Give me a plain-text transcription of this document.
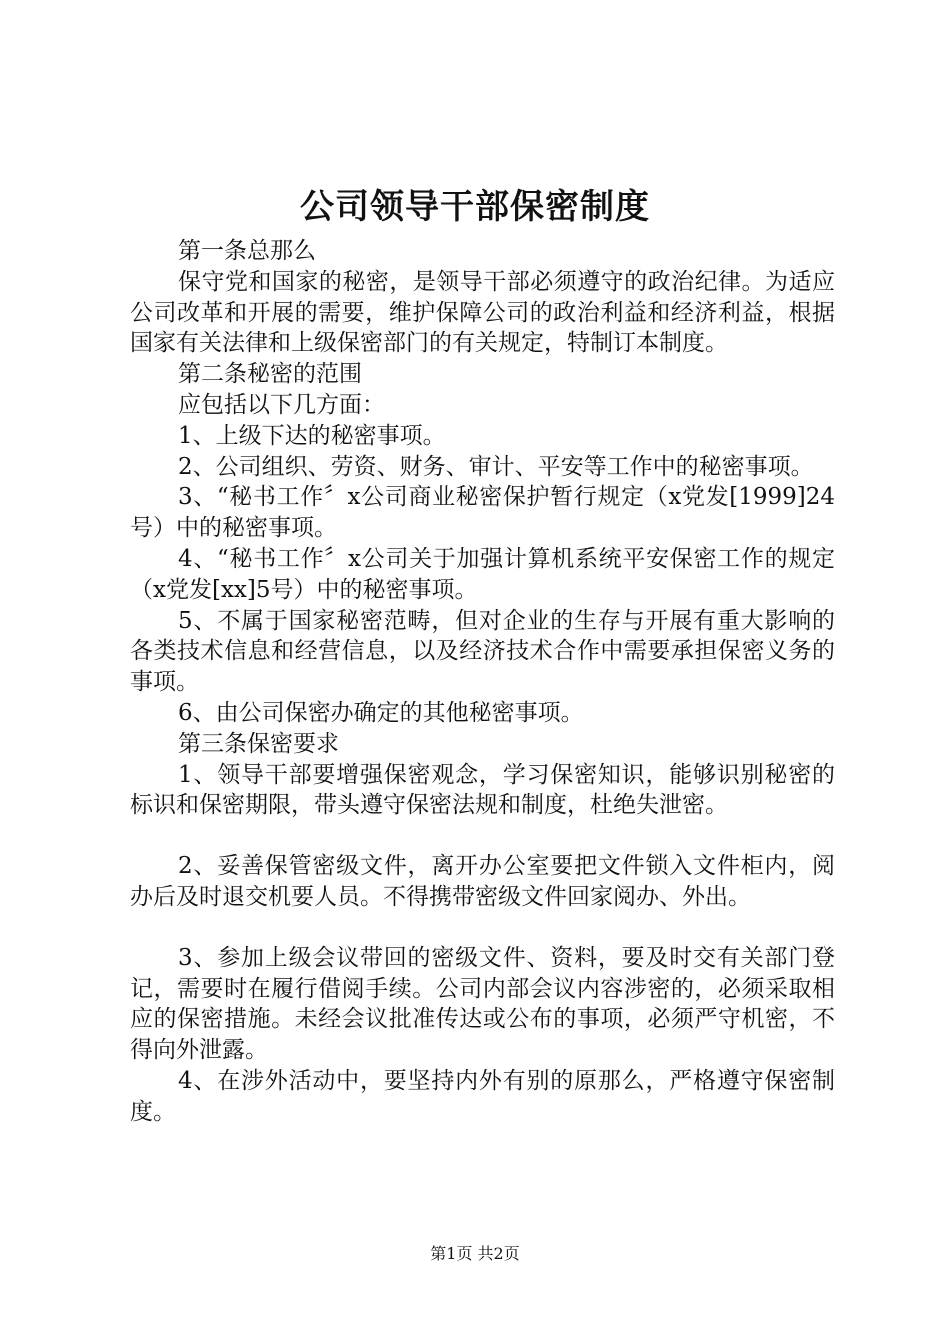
公司领导干部保密制度

第一条总那么

保守党和国家的秘密，是领导干部必须遵守的政治纪律。为适应公司改革和开展的需要，维护保障公司的政治利益和经济利益，根据国家有关法律和上级保密部门的有关规定，特制订本制度。

第二条秘密的范围

应包括以下几方面：

1、上级下达的秘密事项。

2、公司组织、劳资、财务、审计、平安等工作中的秘密事项。

3、“秘书工作〞x公司商业秘密保护暂行规定（x党发[1999]24号）中的秘密事项。

4、“秘书工作〞x公司关于加强计算机系统平安保密工作的规定（x党发[xx]5号）中的秘密事项。

5、不属于国家秘密范畴，但对企业的生存与开展有重大影响的各类技术信息和经营信息，以及经济技术合作中需要承担保密义务的事项。

6、由公司保密办确定的其他秘密事项。

第三条保密要求

1、领导干部要增强保密观念，学习保密知识，能够识别秘密的标识和保密期限，带头遵守保密法规和制度，杜绝失泄密。

2、妥善保管密级文件，离开办公室要把文件锁入文件柜内，阅办后及时退交机要人员。不得携带密级文件回家阅办、外出。

3、参加上级会议带回的密级文件、资料，要及时交有关部门登记，需要时在履行借阅手续。公司内部会议内容涉密的，必须采取相应的保密措施。未经会议批准传达或公布的事项，必须严守机密，不得向外泄露。

4、在涉外活动中，要坚持内外有别的原那么，严格遵守保密制度。

第1页 共2页
